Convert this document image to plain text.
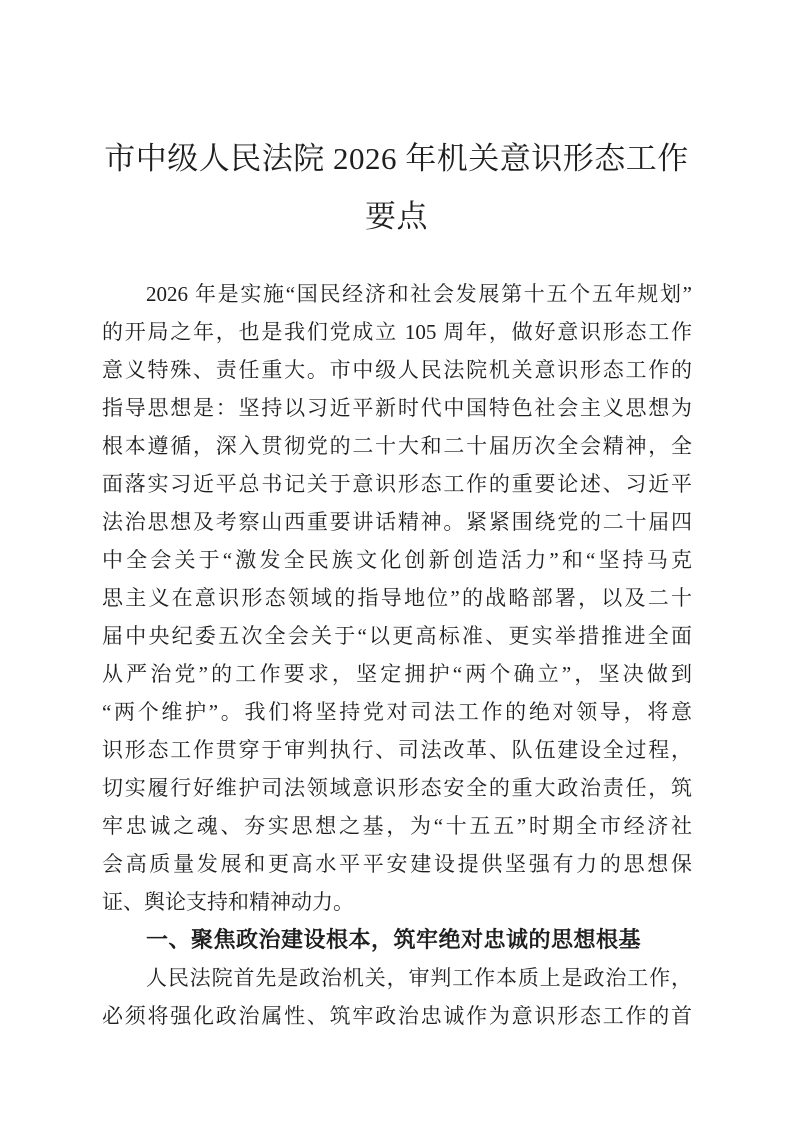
市中级人民法院 2026 年机关意识形态工作
要点
2026 年是实施“国民经济和社会发展第十五个五年规划”
的开局之年，也是我们党成立 105 周年，做好意识形态工作
意义特殊、责任重大。市中级人民法院机关意识形态工作的
指导思想是：坚持以习近平新时代中国特色社会主义思想为
根本遵循，深入贯彻党的二十大和二十届历次全会精神，全
面落实习近平总书记关于意识形态工作的重要论述、习近平
法治思想及考察山西重要讲话精神。紧紧围绕党的二十届四
中全会关于“激发全民族文化创新创造活力”和“坚持马克
思主义在意识形态领域的指导地位”的战略部署，以及二十
届中央纪委五次全会关于“以更高标准、更实举措推进全面
从严治党”的工作要求，坚定拥护“两个确立”，坚决做到
“两个维护”。我们将坚持党对司法工作的绝对领导，将意
识形态工作贯穿于审判执行、司法改革、队伍建设全过程，
切实履行好维护司法领域意识形态安全的重大政治责任，筑
牢忠诚之魂、夯实思想之基，为“十五五”时期全市经济社
会高质量发展和更高水平平安建设提供坚强有力的思想保
证、舆论支持和精神动力。
一、聚焦政治建设根本，筑牢绝对忠诚的思想根基
人民法院首先是政治机关，审判工作本质上是政治工作，
必须将强化政治属性、筑牢政治忠诚作为意识形态工作的首
